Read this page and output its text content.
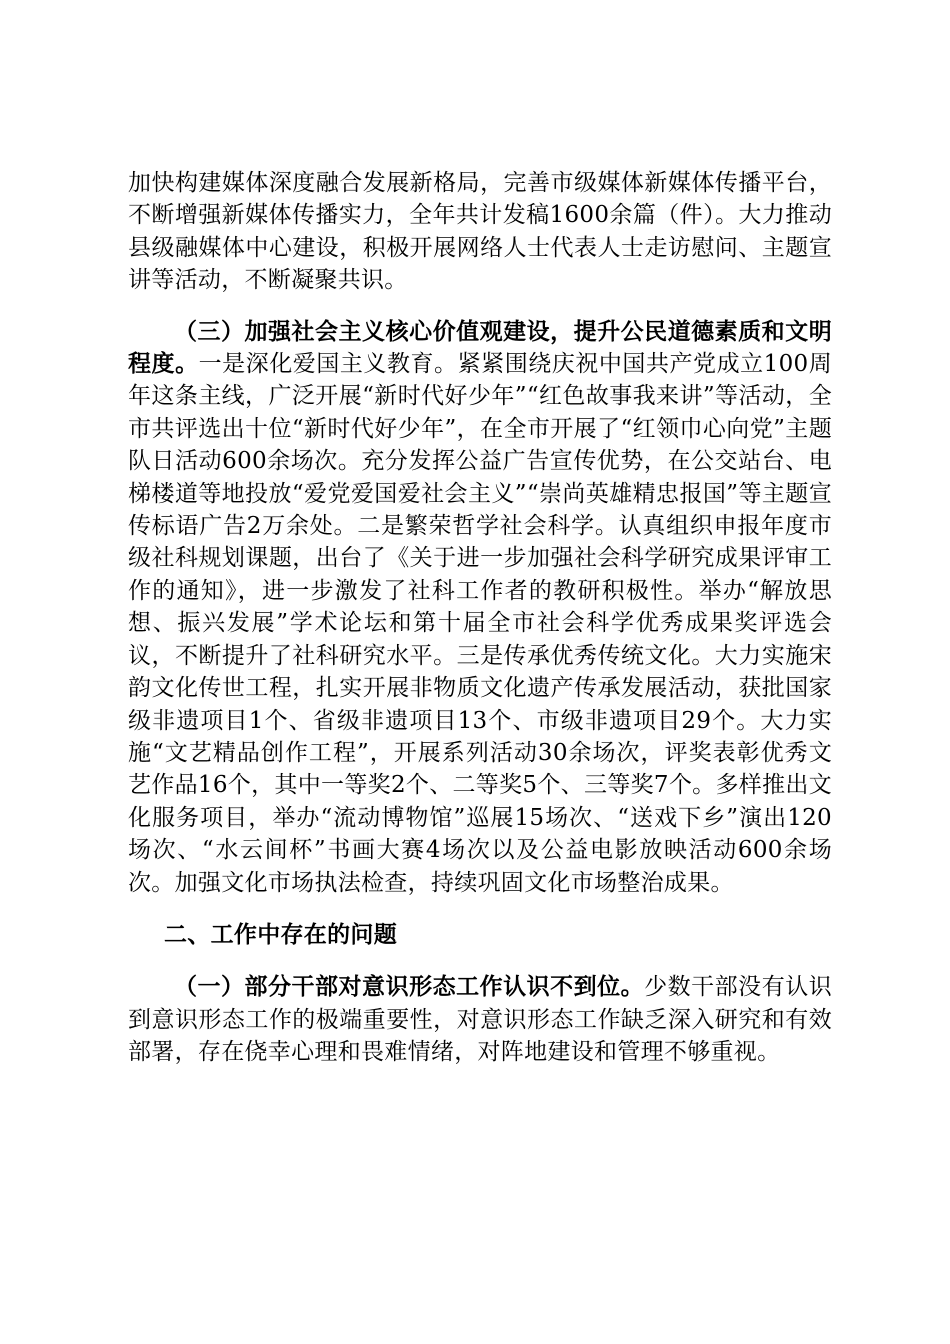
加快构建媒体深度融合发展新格局，完善市级媒体新媒体传播平台，不断增强新媒体传播实力，全年共计发稿1600余篇（件）。大力推动县级融媒体中心建设，积极开展网络人士代表人士走访慰问、主题宣讲等活动，不断凝聚共识。

（三）加强社会主义核心价值观建设，提升公民道德素质和文明程度。一是深化爱国主义教育。紧紧围绕庆祝中国共产党成立100周年这条主线，广泛开展“新时代好少年”“红色故事我来讲”等活动，全市共评选出十位“新时代好少年”，在全市开展了“红领巾心向党”主题队日活动600余场次。充分发挥公益广告宣传优势，在公交站台、电梯楼道等地投放“爱党爱国爱社会主义”“崇尚英雄精忠报国”等主题宣传标语广告2万余处。二是繁荣哲学社会科学。认真组织申报年度市级社科规划课题，出台了《关于进一步加强社会科学研究成果评审工作的通知》，进一步激发了社科工作者的教研积极性。举办“解放思想、振兴发展”学术论坛和第十届全市社会科学优秀成果奖评选会议，不断提升了社科研究水平。三是传承优秀传统文化。大力实施宋韵文化传世工程，扎实开展非物质文化遗产传承发展活动，获批国家级非遗项目1个、省级非遗项目13个、市级非遗项目29个。大力实施“文艺精品创作工程”，开展系列活动30余场次，评奖表彰优秀文艺作品16个，其中一等奖2个、二等奖5个、三等奖7个。多样推出文化服务项目，举办“流动博物馆”巡展15场次、“送戏下乡”演出120场次、“水云间杯”书画大赛4场次以及公益电影放映活动600余场次。加强文化市场执法检查，持续巩固文化市场整治成果。

二、工作中存在的问题

（一）部分干部对意识形态工作认识不到位。少数干部没有认识到意识形态工作的极端重要性，对意识形态工作缺乏深入研究和有效部署，存在侥幸心理和畏难情绪，对阵地建设和管理不够重视。
